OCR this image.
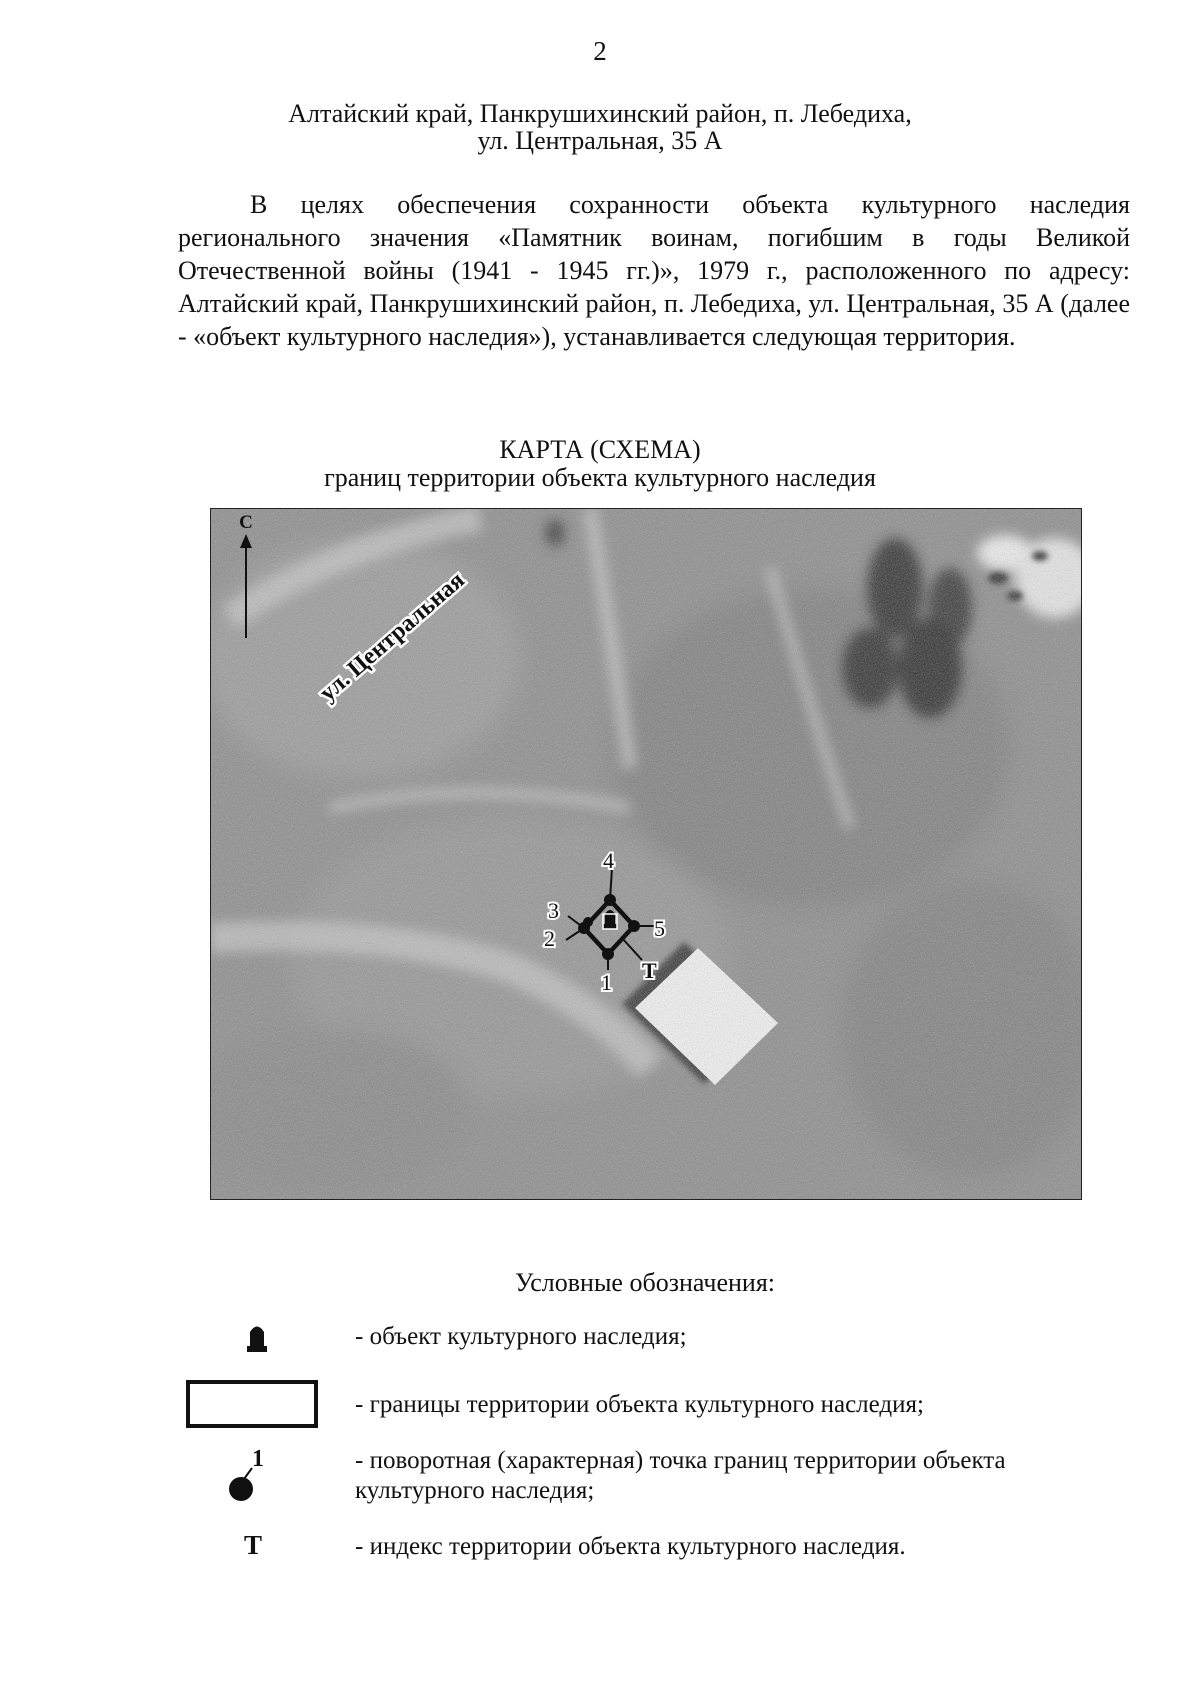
2
Алтайский край, Панкрушихинский район, п. Лебедиха,
ул. Центральная, 35 А

В целях обеспечения сохранности объекта культурного наследия регионального значения «Памятник воинам, погибшим в годы Великой Отечественной войны (1941 - 1945 гг.)», 1979 г., расположенного по адресу: Алтайский край, Панкрушихинский район, п. Лебедиха, ул. Центральная, 35 А (далее - «объект культурного наследия»), устанавливается следующая территория.

КАРТА (СХЕМА)
границ территории объекта культурного наследия
С
ул. Центральная
1
2
3
4
5
Т
Условные обозначения:
- объект культурного наследия;
- границы территории объекта культурного наследия;
1	- поворотная (характерная) точка границ территории объекта культурного наследия;
Т	- индекс территории объекта культурного наследия.
